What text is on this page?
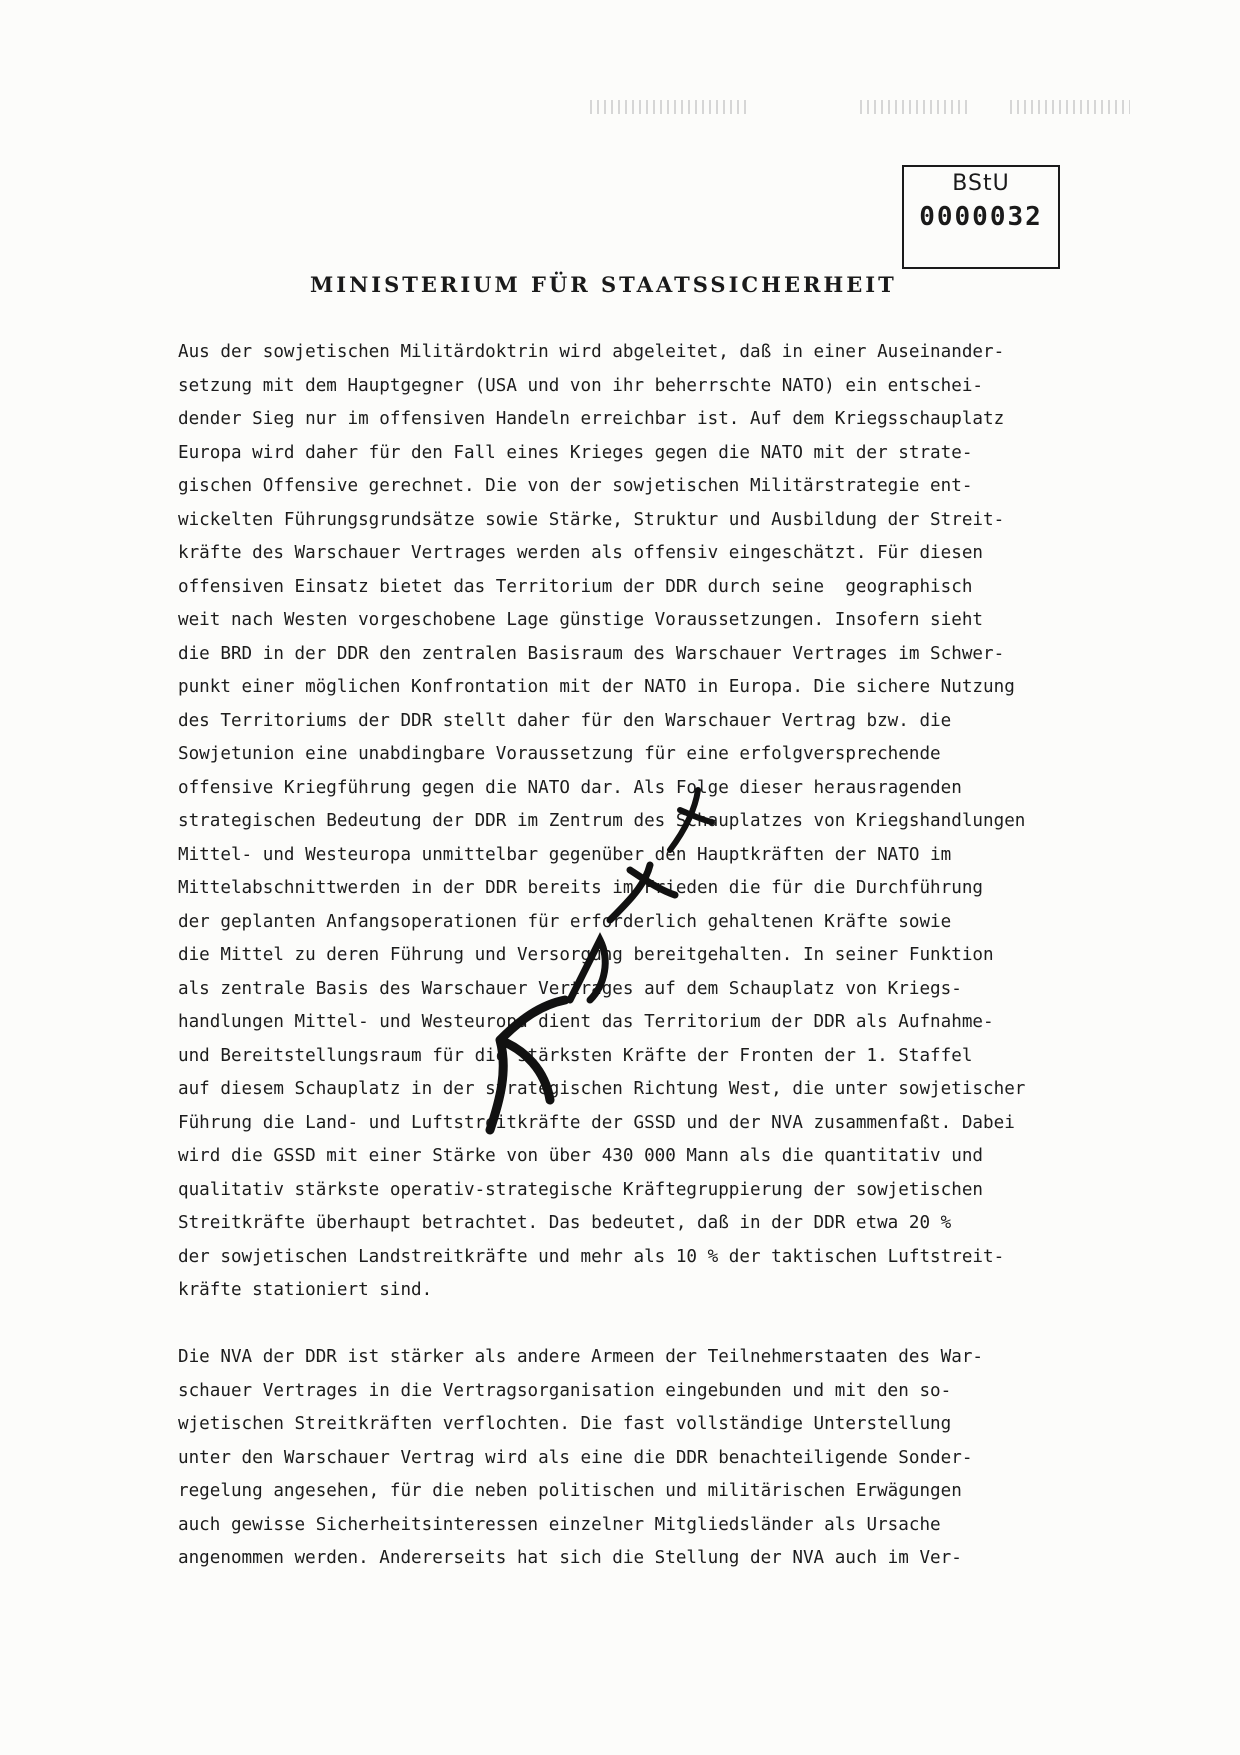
BStU
0000032
MINISTERIUM FÜR STAATSSICHERHEIT
Aus der sowjetischen Militärdoktrin wird abgeleitet, daß in einer Auseinander-
setzung mit dem Hauptgegner (USA und von ihr beherrschte NATO) ein entschei-
dender Sieg nur im offensiven Handeln erreichbar ist. Auf dem Kriegsschauplatz
Europa wird daher für den Fall eines Krieges gegen die NATO mit der strate-
gischen Offensive gerechnet. Die von der sowjetischen Militärstrategie ent-
wickelten Führungsgrundsätze sowie Stärke, Struktur und Ausbildung der Streit-
kräfte des Warschauer Vertrages werden als offensiv eingeschätzt. Für diesen
offensiven Einsatz bietet das Territorium der DDR durch seine  geographisch
weit nach Westen vorgeschobene Lage günstige Voraussetzungen. Insofern sieht
die BRD in der DDR den zentralen Basisraum des Warschauer Vertrages im Schwer-
punkt einer möglichen Konfrontation mit der NATO in Europa. Die sichere Nutzung
des Territoriums der DDR stellt daher für den Warschauer Vertrag bzw. die
Sowjetunion eine unabdingbare Voraussetzung für eine erfolgversprechende
offensive Kriegführung gegen die NATO dar. Als Folge dieser herausragenden
strategischen Bedeutung der DDR im Zentrum des Schauplatzes von Kriegshandlungen
Mittel- und Westeuropa unmittelbar gegenüber den Hauptkräften der NATO im
Mittelabschnittwerden in der DDR bereits im Frieden die für die Durchführung
der geplanten Anfangsoperationen für erforderlich gehaltenen Kräfte sowie
die Mittel zu deren Führung und Versorgung bereitgehalten. In seiner Funktion
als zentrale Basis des Warschauer Vertrages auf dem Schauplatz von Kriegs-
handlungen Mittel- und Westeuropa dient das Territorium der DDR als Aufnahme-
und Bereitstellungsraum für die stärksten Kräfte der Fronten der 1. Staffel
auf diesem Schauplatz in der strategischen Richtung West, die unter sowjetischer
Führung die Land- und Luftstreitkräfte der GSSD und der NVA zusammenfaßt. Dabei
wird die GSSD mit einer Stärke von über 430 000 Mann als die quantitativ und
qualitativ stärkste operativ-strategische Kräftegruppierung der sowjetischen
Streitkräfte überhaupt betrachtet. Das bedeutet, daß in der DDR etwa 20 %
der sowjetischen Landstreitkräfte und mehr als 10 % der taktischen Luftstreit-
kräfte stationiert sind.
Die NVA der DDR ist stärker als andere Armeen der Teilnehmerstaaten des War-
schauer Vertrages in die Vertragsorganisation eingebunden und mit den so-
wjetischen Streitkräften verflochten. Die fast vollständige Unterstellung
unter den Warschauer Vertrag wird als eine die DDR benachteiligende Sonder-
regelung angesehen, für die neben politischen und militärischen Erwägungen
auch gewisse Sicherheitsinteressen einzelner Mitgliedsländer als Ursache
angenommen werden. Andererseits hat sich die Stellung der NVA auch im Ver-
